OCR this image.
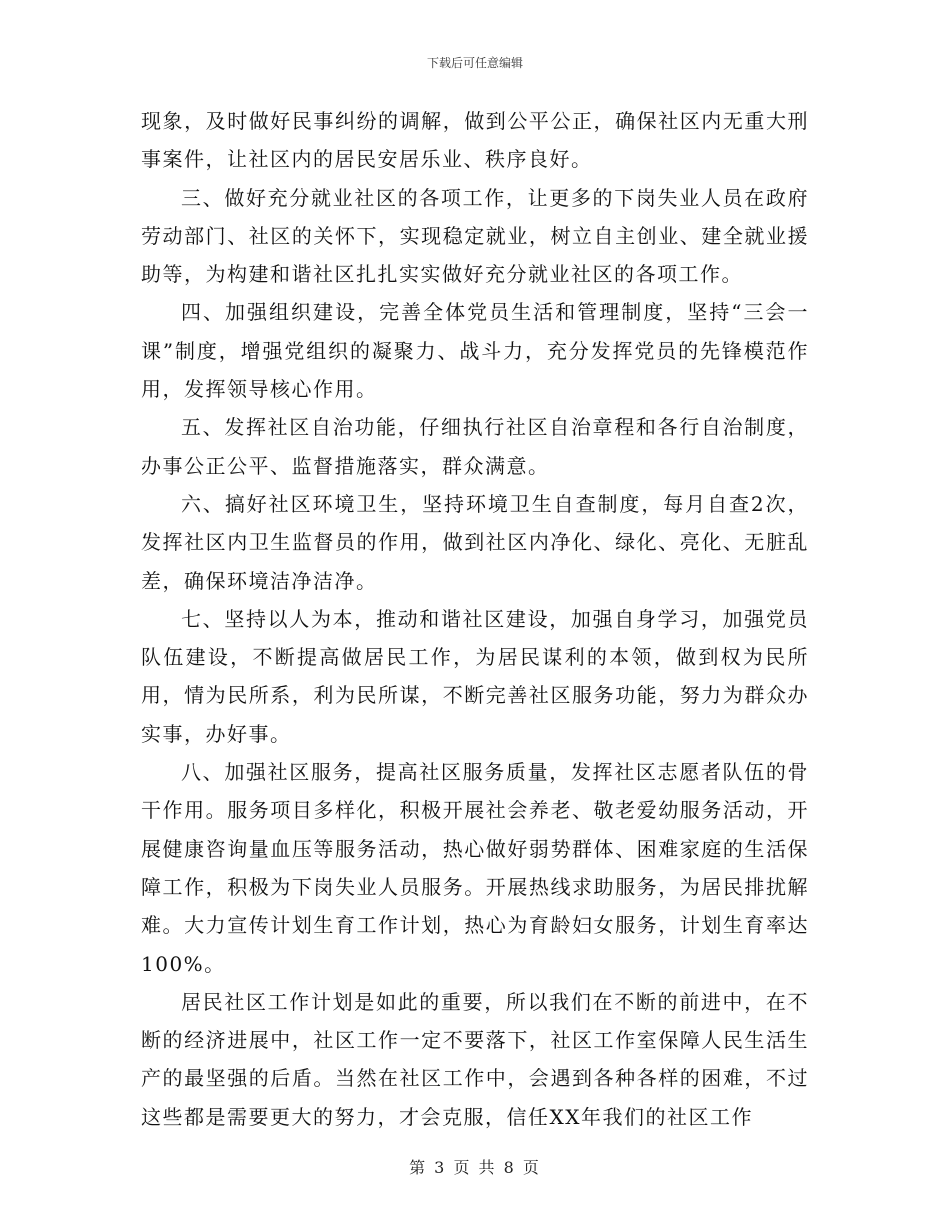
下载后可任意编辑

现象，及时做好民事纠纷的调解，做到公平公正，确保社区内无重大刑事案件，让社区内的居民安居乐业、秩序良好。

三、做好充分就业社区的各项工作，让更多的下岗失业人员在政府劳动部门、社区的关怀下，实现稳定就业，树立自主创业、建全就业援助等，为构建和谐社区扎扎实实做好充分就业社区的各项工作。

四、加强组织建设，完善全体党员生活和管理制度，坚持“三会一课”制度，增强党组织的凝聚力、战斗力，充分发挥党员的先锋模范作用，发挥领导核心作用。

五、发挥社区自治功能，仔细执行社区自治章程和各行自治制度，办事公正公平、监督措施落实，群众满意。

六、搞好社区环境卫生，坚持环境卫生自查制度，每月自查2次，发挥社区内卫生监督员的作用，做到社区内净化、绿化、亮化、无脏乱差，确保环境洁净洁净。

七、坚持以人为本，推动和谐社区建设，加强自身学习，加强党员队伍建设，不断提高做居民工作，为居民谋利的本领，做到权为民所用，情为民所系，利为民所谋，不断完善社区服务功能，努力为群众办实事，办好事。

八、加强社区服务，提高社区服务质量，发挥社区志愿者队伍的骨干作用。服务项目多样化，积极开展社会养老、敬老爱幼服务活动，开展健康咨询量血压等服务活动，热心做好弱势群体、困难家庭的生活保障工作，积极为下岗失业人员服务。开展热线求助服务，为居民排扰解难。大力宣传计划生育工作计划，热心为育龄妇女服务，计划生育率达100%。

居民社区工作计划是如此的重要，所以我们在不断的前进中，在不断的经济进展中，社区工作一定不要落下，社区工作室保障人民生活生产的最坚强的后盾。当然在社区工作中，会遇到各种各样的困难，不过这些都是需要更大的努力，才会克服，信任XX年我们的社区工作

第 3 页 共 8 页
